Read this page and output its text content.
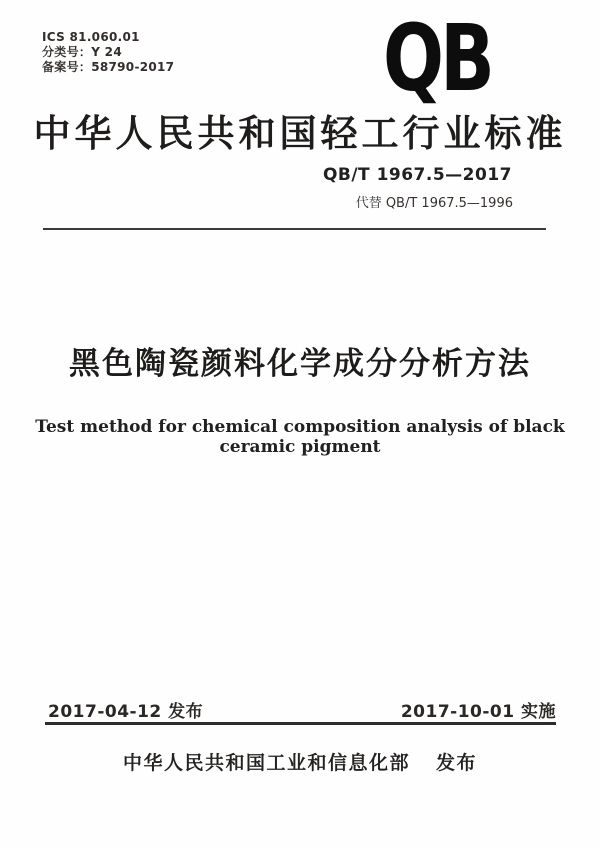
ICS 81.060.01
分类号：Y 24
备案号：58790-2017 QB
中华人民共和国轻工行业标准
QB/T 1967.5—2017
代替 QB/T 1967.5—1996
黑色陶瓷颜料化学成分分析方法
Test method for chemical composition analysis of black ceramic pigment
2017-04-12 发布	2017-10-01 实施
中华人民共和国工业和信息化部 发布
